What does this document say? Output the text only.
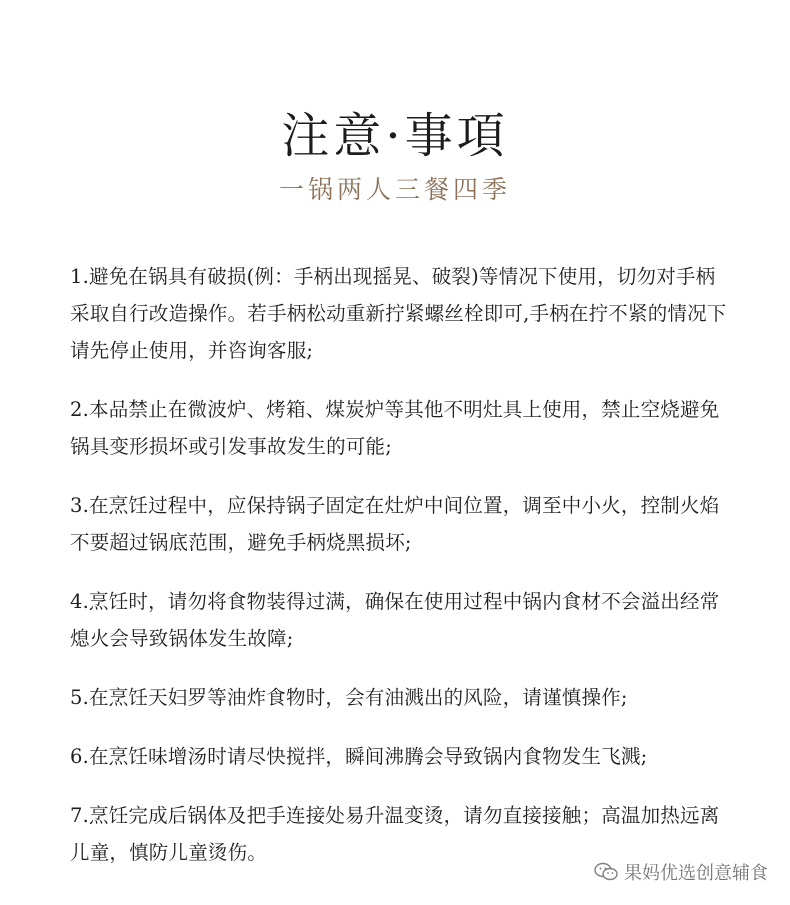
注意·事項
一锅两人三餐四季
1.避免在锅具有破损(例：手柄出现摇晃、破裂)等情况下使用，切勿对手柄采取自行改造操作。若手柄松动重新拧紧螺丝栓即可,手柄在拧不紧的情况下请先停止使用，并咨询客服;
2.本品禁止在微波炉、烤箱、煤炭炉等其他不明灶具上使用，禁止空烧避免锅具变形损坏或引发事故发生的可能;
3.在烹饪过程中，应保持锅子固定在灶炉中间位置，调至中小火，控制火焰不要超过锅底范围，避免手柄烧黑损坏;
4.烹饪时，请勿将食物装得过满，确保在使用过程中锅内食材不会溢出经常熄火会导致锅体发生故障;
5.在烹饪天妇罗等油炸食物时，会有油溅出的风险，请谨慎操作;
6.在烹饪味增汤时请尽快搅拌，瞬间沸腾会导致锅内食物发生飞溅;
7.烹饪完成后锅体及把手连接处易升温变烫，请勿直接接触；高温加热远离儿童，慎防儿童烫伤。
果妈优选创意辅食
